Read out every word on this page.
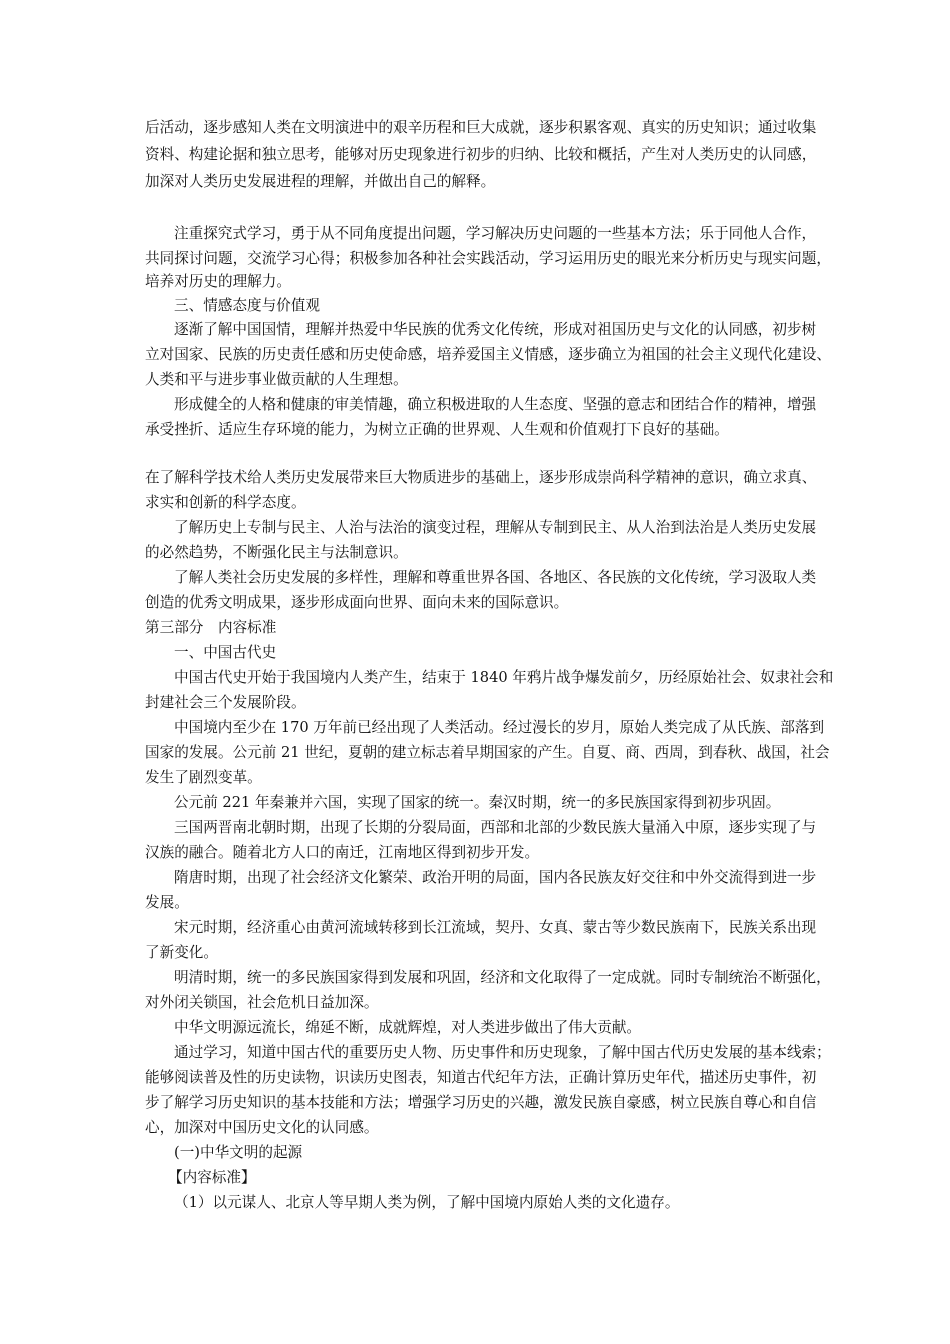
后活动，逐步感知人类在文明演进中的艰辛历程和巨大成就，逐步积累客观、真实的历史知识；通过收集

资料、构建论据和独立思考，能够对历史现象进行初步的归纳、比较和概括，产生对人类历史的认同感，

加深对人类历史发展进程的理解，并做出自己的解释。

注重探究式学习，勇于从不同角度提出问题，学习解决历史问题的一些基本方法；乐于同他人合作，

共同探讨问题，交流学习心得；积极参加各种社会实践活动，学习运用历史的眼光来分析历史与现实问题，

培养对历史的理解力。

三、情感态度与价值观

逐渐了解中国国情，理解并热爱中华民族的优秀文化传统，形成对祖国历史与文化的认同感，初步树

立对国家、民族的历史责任感和历史使命感，培养爱国主义情感，逐步确立为祖国的社会主义现代化建设、

人类和平与进步事业做贡献的人生理想。

形成健全的人格和健康的审美情趣，确立积极进取的人生态度、坚强的意志和团结合作的精神，增强

承受挫折、适应生存环境的能力，为树立正确的世界观、人生观和价值观打下良好的基础。

在了解科学技术给人类历史发展带来巨大物质进步的基础上，逐步形成崇尚科学精神的意识，确立求真、

求实和创新的科学态度。

了解历史上专制与民主、人治与法治的演变过程，理解从专制到民主、从人治到法治是人类历史发展

的必然趋势，不断强化民主与法制意识。

了解人类社会历史发展的多样性，理解和尊重世界各国、各地区、各民族的文化传统，学习汲取人类

创造的优秀文明成果，逐步形成面向世界、面向未来的国际意识。

第三部分　内容标准

一、中国古代史

中国古代史开始于我国境内人类产生，结束于 1840 年鸦片战争爆发前夕，历经原始社会、奴隶社会和

封建社会三个发展阶段。

中国境内至少在 170 万年前已经出现了人类活动。经过漫长的岁月，原始人类完成了从氏族、部落到

国家的发展。公元前 21 世纪，夏朝的建立标志着早期国家的产生。自夏、商、西周，到春秋、战国，社会

发生了剧烈变革。

公元前 221 年秦兼并六国，实现了国家的统一。秦汉时期，统一的多民族国家得到初步巩固。

三国两晋南北朝时期，出现了长期的分裂局面，西部和北部的少数民族大量涌入中原，逐步实现了与

汉族的融合。随着北方人口的南迁，江南地区得到初步开发。

隋唐时期，出现了社会经济文化繁荣、政治开明的局面，国内各民族友好交往和中外交流得到进一步

发展。

宋元时期，经济重心由黄河流域转移到长江流域，契丹、女真、蒙古等少数民族南下，民族关系出现

了新变化。

明清时期，统一的多民族国家得到发展和巩固，经济和文化取得了一定成就。同时专制统治不断强化，

对外闭关锁国，社会危机日益加深。

中华文明源远流长，绵延不断，成就辉煌，对人类进步做出了伟大贡献。

通过学习，知道中国古代的重要历史人物、历史事件和历史现象，了解中国古代历史发展的基本线索；

能够阅读普及性的历史读物，识读历史图表，知道古代纪年方法，正确计算历史年代，描述历史事件，初

步了解学习历史知识的基本技能和方法；增强学习历史的兴趣，激发民族自豪感，树立民族自尊心和自信

心，加深对中国历史文化的认同感。

(一)中华文明的起源

【内容标准】

（1）以元谋人、北京人等早期人类为例，了解中国境内原始人类的文化遗存。
